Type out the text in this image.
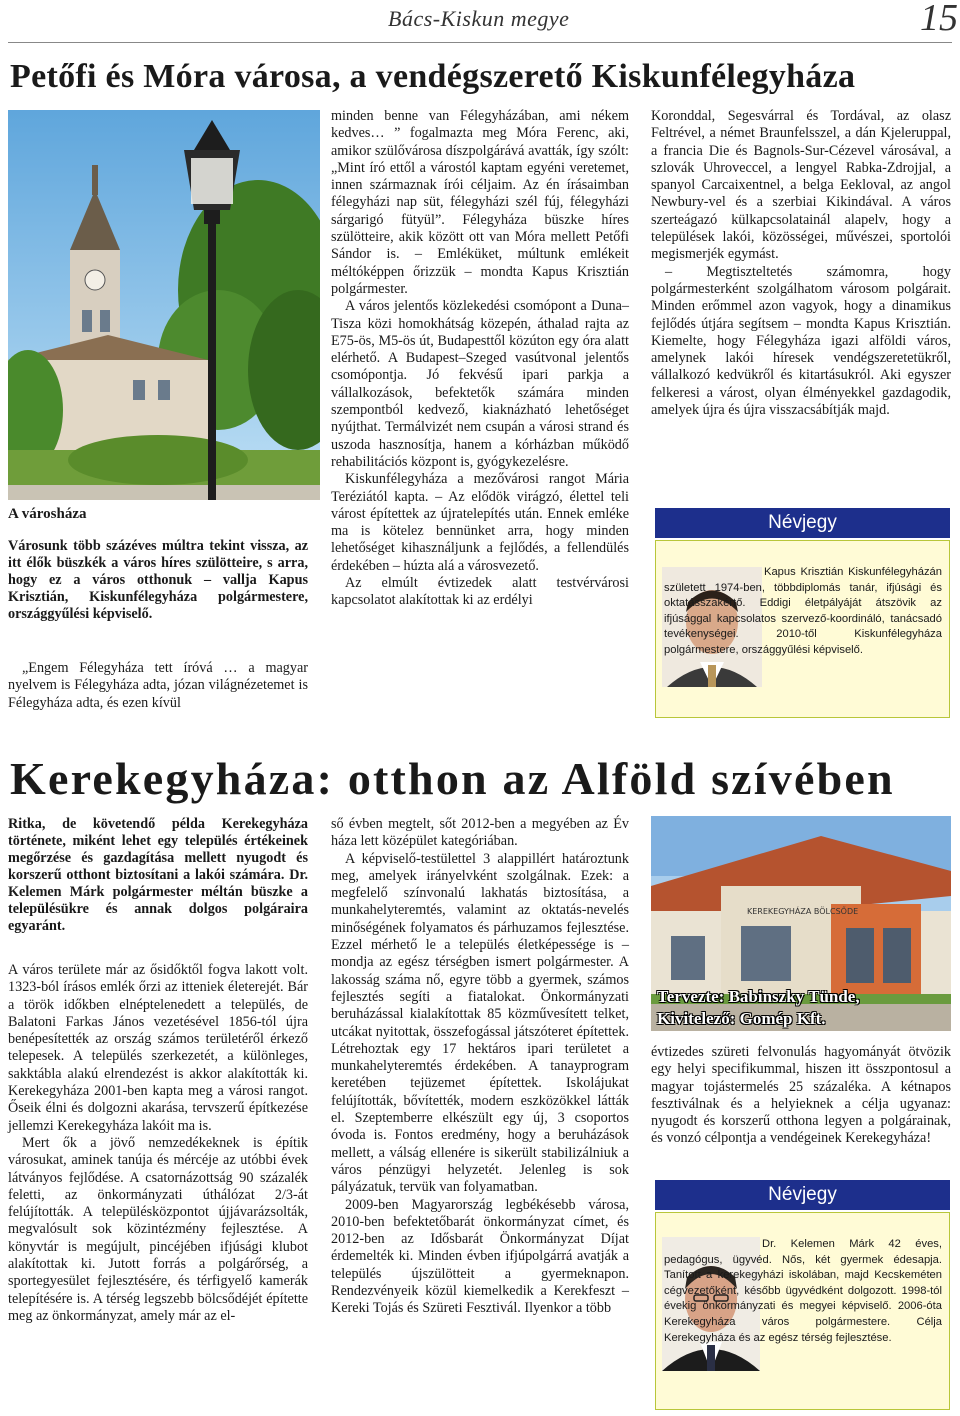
Bács-Kiskun megye	15
Petőfi és Móra városa, a vendégszerető Kiskunfélegyháza
A városháza
Városunk több százéves múltra tekint vissza, az itt élők büszkék a város híres szülötteire, s arra, hogy ez a város otthonuk – vallja Kapus Krisztián, Kiskunfélegyháza polgármestere, országgyűlési képviselő.

„Engem Félegyháza tett íróvá … a magyar nyelvem is Félegyháza adta, józan világnézetemet is Félegyháza adta, és ezen kívül

minden benne van Félegyházában, ami nékem kedves… ” fogalmazta meg Móra Ferenc, aki, amikor szülővárosa díszpolgárává avatták, így szólt: „Mint író ettől a várostól kaptam egyéni veretemet, innen származnak írói céljaim. Az én írásaimban félegyházi nap süt, félegyházi szél fúj, félegyházi sárgarigó fütyül”. Félegyháza büszke híres szülötteire, akik között ott van Móra mellett Petőfi Sándor is. – Emléküket, múltunk emlékeit méltóképpen őrizzük – mondta Kapus Krisztián polgármester.

A város jelentős közlekedési csomópont a Duna–Tisza közi homokhátság közepén, áthalad rajta az E75-ös, M5-ös út, Budapesttől közúton egy óra alatt elérhető. A Budapest–Szeged vasútvonal jelentős csomópontja. Jó fekvésű ipari parkja a vállalkozások, befektetők számára minden szempontból kedvező, kiaknázható lehetőséget nyújthat. Termálvizét nem csupán a városi strand és uszoda hasznosítja, hanem a kórházban működő rehabilitációs központ is, gyógykezelésre.

Kiskunfélegyháza a mezővárosi rangot Mária Teréziától kapta. – Az elődök virágzó, élettel teli várost építettek az újratelepítés után. Ennek emléke ma is kötelez bennünket arra, hogy minden lehetőséget kihasználjunk a fejlődés, a fellendülés érdekében – húzta alá a városvezető.

Az elmúlt évtizedek alatt testvérvárosi kapcsolatot alakítottak ki az erdélyi

Koronddal, Segesvárral és Tordával, az olasz Feltrével, a német Braunfelsszel, a dán Kjeleruppal, a francia Die és Bagnols-Sur-Cézevel városával, a szlovák Uhroveccel, a lengyel Rabka-Zdrojjal, a spanyol Carcaixentnel, a belga Eekloval, az angol Newbury-vel és a szerbiai Kikindával. A város szerteágazó külkapcsolatainál alapelv, hogy a települések lakói, közösségei, művészei, sportolói megismerjék egymást.

– Megtiszteltetés számomra, hogy polgármesterként szolgálhatom városom polgárait. Minden erőmmel azon vagyok, hogy a dinamikus fejlődés útjára segítsem – mondta Kapus Krisztián. Kiemelte, hogy Félegyháza igazi alföldi város, amelynek lakói híresek vendégszeretetükről, vállalkozó kedvükről és kitartásukról. Aki egyszer felkeresi a várost, olyan élményekkel gazdagodik, amelyek újra és újra visszacsábítják majd.

Névjegy
Kapus Krisztián Kiskunfélegyházán született 1974-ben, többdiplomás tanár, ifjúsági és oktatásszakértő. Eddigi életpályáját átszövik az ifjúsággal kapcsolatos szervező-koordináló, tanácsadó tevékenységei. 2010-től Kiskunfélegyháza polgármestere, országgyűlési képviselő.
Kerekegyháza: otthon az Alföld szívében
Ritka, de követendő példa Kerekegyháza története, miként lehet egy település értékeinek megőrzése és gazdagítása mellett nyugodt és korszerű otthont biztosítani a lakói számára. Dr. Kelemen Márk polgármester méltán büszke a településükre és annak dolgos polgáraira egyaránt.

A város területe már az ősidőktől fogva lakott volt. 1323-ból írásos emlék őrzi az itteniek életerejét. Bár a török időkben elnéptelenedett a település, de Balatoni Farkas János vezetésével 1856-tól újra benépesítették az ország számos területéről érkező telepesek. A település szerkezetét, a különleges, sakktábla alakú elrendezést is akkor alakították ki. Kerekegyháza 2001-ben kapta meg a városi rangot. Őseik élni és dolgozni akarása, tervszerű építkezése jellemzi Kerekegyháza lakóit ma is.

Mert ők a jövő nemzedékeknek is építik városukat, aminek tanúja és mércéje az utóbbi évek látványos fejlődése. A csatornázottság 90 százalék feletti, az önkormányzati úthálózat 2/3-át felújították. A településközpontot újjávarázsolták, megvalósult sok közintézmény fejlesztése. A könyvtár is megújult, pincéjében ifjúsági klubot alakítottak ki. Jutott forrás a polgárőrség, a sportegyesület fejlesztésére, és térfigyelő kamerák telepítésére is. A térség legszebb bölcsődéjét építette meg az önkormányzat, amely már az el-

ső évben megtelt, sőt 2012-ben a megyében az Év háza lett középület kategóriában.

A képviselő-testülettel 3 alappillért határoztunk meg, amelyek irányelvként szolgálnak. Ezek: a megfelelő színvonalú lakhatás biztosítása, a munkahelyteremtés, valamint az oktatás-nevelés minőségének folyamatos és párhuzamos fejlesztése. Ezzel mérhető le a település életképessége is – mondja az egész térségben ismert polgármester. A lakosság száma nő, egyre több a gyermek, számos fejlesztés segíti a fiatalokat. Önkormányzati beruházással kialakítottak 85 közművesített telket, utcákat nyitottak, összefogással játszóteret építettek. Létrehoztak egy 17 hektáros ipari területet a munkahelyteremtés érdekében. A tanayprogram keretében tejüzemet építettek. Iskolájukat felújították, bővítették, modern eszközökkel látták el. Szeptemberre elkészült egy új, 3 csoportos óvoda is. Fontos eredmény, hogy a beruházások mellett, a válság ellenére is sikerült stabilizálniuk a város pénzügyi helyzetét. Jelenleg is sok pályázatuk, tervük van folyamatban.

2009-ben Magyarország legbékésebb városa, 2010-ben befektetőbarát önkormányzat címet, és 2012-ben az Idősbarát Önkormányzat Díjat érdemelték ki. Minden évben ifjúpolgárrá avatják a település újszülötteit a gyermeknapon. Rendezvényeik közül kiemelkedik a Kerekfeszt – Kereki Tojás és Szüreti Fesztivál. Ilyenkor a több

KEREKEGYHÁZA BÖLCSŐDE
Tervezte: Babinszky Tünde,
Kivitelező: Gomép Kft.

évtizedes szüreti felvonulás hagyományát ötvözik egy helyi specifikummal, hiszen itt összpontosul a magyar tojástermelés 25 százaléka. A kétnapos fesztiválnak és a helyieknek a célja ugyanaz: nyugodt és korszerű otthona legyen a polgárainak, és vonzó célpontja a vendégeinek Kerekegyháza!

Névjegy
Dr. Kelemen Márk 42 éves, pedagógus, ügyvéd. Nős, két gyermek édesapja. Tanított a kerekegyházi iskolában, majd Kecskeméten cégvezetőként, később ügyvédként dolgozott. 1998-tól évekig önkormányzati és megyei képviselő. 2006-óta Kerekegyháza város polgármestere. Célja Kerekegyháza és az egész térség fejlesztése.
